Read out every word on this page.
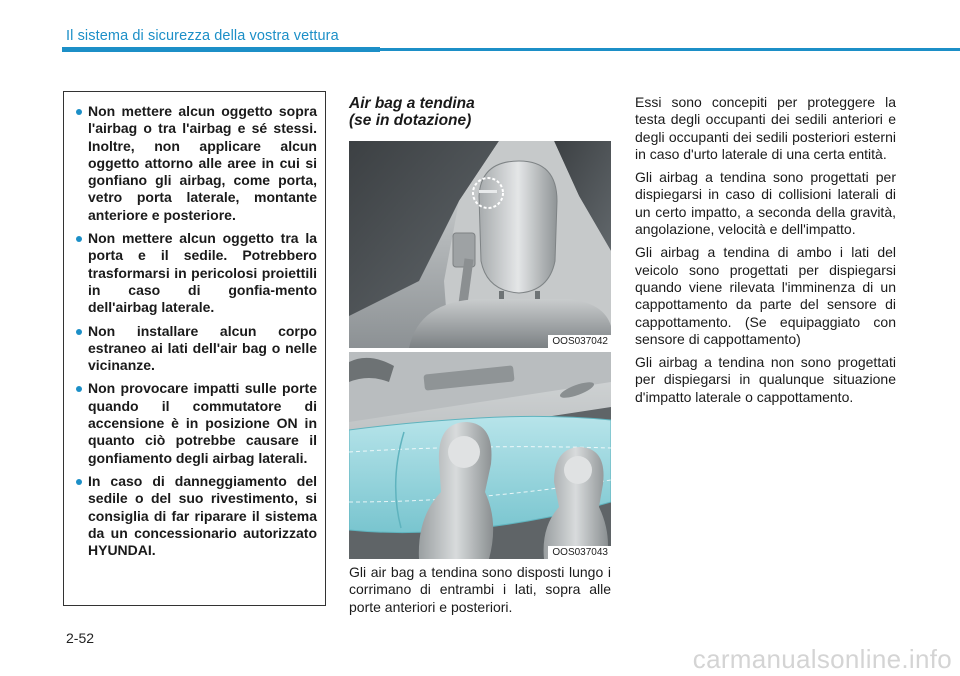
Il sistema di sicurezza della vostra vettura
Non mettere alcun oggetto sopra l'airbag o tra l'airbag e sé stessi. Inoltre, non applicare alcun oggetto attorno alle aree in cui si gonfiano gli airbag, come porta, vetro porta laterale, montante anteriore e posteriore.
Non mettere alcun oggetto tra la porta e il sedile. Potrebbero trasformarsi in pericolosi proiettili in caso di gonfia-mento dell'airbag laterale.
Non installare alcun corpo estraneo ai lati dell'air bag o nelle vicinanze.
Non provocare impatti sulle porte quando il commutatore di accensione è in posizione ON in quanto ciò potrebbe causare il gonfiamento degli airbag laterali.
In caso di danneggiamento del sedile o del suo rivestimento, si consiglia di far riparare il sistema da un concessionario autorizzato HYUNDAI.
Air bag a tendina
(se in dotazione)
OOS037042
OOS037043
Gli air bag a tendina sono disposti lungo i corrimano di entrambi i lati, sopra alle porte anteriori e posteriori.

Essi sono concepiti per proteggere la testa degli occupanti dei sedili anteriori e degli occupanti dei sedili posteriori esterni in caso d'urto laterale di una certa entità.

Gli airbag a tendina sono progettati per dispiegarsi in caso di collisioni laterali di un certo impatto, a seconda della gravità, angolazione, velocità e dell'impatto.

Gli airbag a tendina di ambo i lati del veicolo sono progettati per dispiegarsi quando viene rilevata l'imminenza di un cappottamento da parte del sensore di cappottamento. (Se equipaggiato con sensore di cappottamento)

Gli airbag a tendina non sono progettati per dispiegarsi in qualunque situazione d'impatto laterale o cappottamento.

2-52
carmanualsonline.info
